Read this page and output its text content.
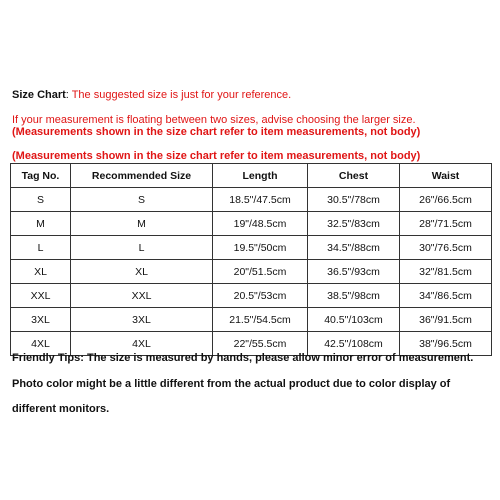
Size Chart: The suggested size is just for your reference.
If your measurement is floating between two sizes, advise choosing the larger size.
(Measurements shown in the size chart refer to item measurements, not body)
(Measurements shown in the size chart refer to item measurements, not body)
Tag No.	Recommended Size	Length	Chest	Waist
S	S	18.5"/47.5cm	30.5"/78cm	26"/66.5cm
M	M	19"/48.5cm	32.5"/83cm	28"/71.5cm
L	L	19.5"/50cm	34.5"/88cm	30"/76.5cm
XL	XL	20"/51.5cm	36.5"/93cm	32"/81.5cm
XXL	XXL	20.5"/53cm	38.5"/98cm	34"/86.5cm
3XL	3XL	21.5"/54.5cm	40.5"/103cm	36"/91.5cm
4XL	4XL	22"/55.5cm	42.5"/108cm	38"/96.5cm
Friendly Tips: The size is measured by hands, please allow minor error of measurement.
Photo color might be a little different from the actual product due to color display of
different monitors.
